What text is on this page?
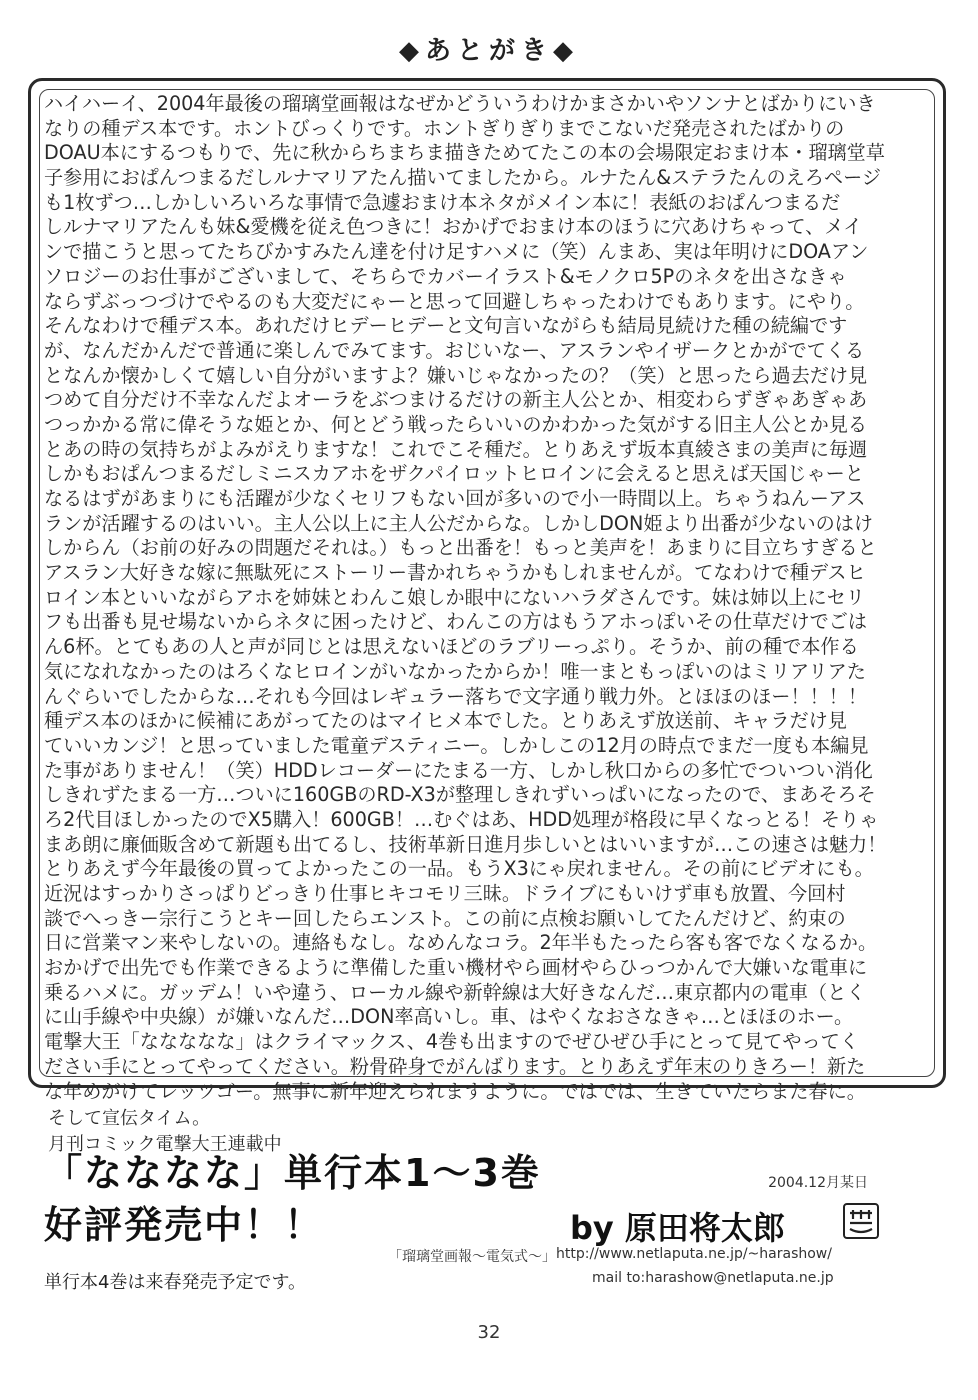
◆あとがき◆
ハイハーイ、2004年最後の瑠璃堂画報はなぜかどういうわけかまさかいやソンナとばかりにいき
なりの種デス本です。ホントびっくりです。ホントぎりぎりまでこないだ発売されたばかりの
DOAU本にするつもりで、先に秋からちまちま描きためてたこの本の会場限定おまけ本・瑠璃堂草
子参用におぱんつまるだしルナマリアたん描いてましたから。ルナたん&ステラたんのえろページ
も1枚ずつ…しかしいろいろな事情で急遽おまけ本ネタがメイン本に！表紙のおぱんつまるだ
しルナマリアたんも妹&愛機を従え色つきに！おかげでおまけ本のほうに穴あけちゃって、メイ
ンで描こうと思ってたちびかすみたん達を付け足すハメに（笑）んまあ、実は年明けにDOAアン
ソロジーのお仕事がございまして、そちらでカバーイラスト&モノクロ5Pのネタを出さなきゃ
ならずぶっつづけでやるのも大変だにゃーと思って回避しちゃったわけでもあります。にやり。
そんなわけで種デス本。あれだけヒデーヒデーと文句言いながらも結局見続けた種の続編です
が、なんだかんだで普通に楽しんでみてます。おじいなー、アスランやイザークとかがでてくる
となんか懐かしくて嬉しい自分がいますよ？嫌いじゃなかったの？（笑）と思ったら過去だけ見
つめて自分だけ不幸なんだよオーラをぶつまけるだけの新主人公とか、相変わらずぎゃあぎゃあ
つっかかる常に偉そうな姫とか、何とどう戦ったらいいのかわかった気がする旧主人公とか見る
とあの時の気持ちがよみがえりますな！これでこそ種だ。とりあえず坂本真綾さまの美声に毎週
しかもおぱんつまるだしミニスカアホをザクパイロットヒロインに会えると思えば天国じゃーと
なるはずがあまりにも活躍が少なくセリフもない回が多いので小一時間以上。ちゃうねんーアス
ランが活躍するのはいい。主人公以上に主人公だからな。しかしDON姫より出番が少ないのはけ
しからん（お前の好みの問題だそれは。）もっと出番を！もっと美声を！あまりに目立ちすぎると
アスラン大好きな嫁に無駄死にストーリー書かれちゃうかもしれませんが。てなわけで種デスヒ
ロイン本といいながらアホを姉妹とわんこ娘しか眼中にないハラダさんです。妹は姉以上にセリ
フも出番も見せ場ないからネタに困ったけど、わんこの方はもうアホっぽいその仕草だけでごは
ん6杯。とてもあの人と声が同じとは思えないほどのラブリーっぷり。そうか、前の種で本作る
気になれなかったのはろくなヒロインがいなかったからか！唯一まともっぽいのはミリアリアた
んぐらいでしたからな…それも今回はレギュラー落ちで文字通り戦力外。とほほのほー！！！！
種デス本のほかに候補にあがってたのはマイヒメ本でした。とりあえず放送前、キャラだけ見
ていいカンジ！と思っていました電童デスティニー。しかしこの12月の時点でまだ一度も本編見
た事がありません！（笑）HDDレコーダーにたまる一方、しかし秋口からの多忙でついつい消化
しきれずたまる一方…ついに160GBのRD-X3が整理しきれずいっぱいになったので、まあそろそ
ろ2代目ほしかったのでX5購入！600GB！…むぐはあ、HDD処理が格段に早くなっとる！そりゃ
まあ朗に廉価販含めて新題も出てるし、技術革新日進月歩しいとはいいますが…この速さは魅力！
とりあえず今年最後の買ってよかったこの一品。もうX3にゃ戻れません。その前にビデオにも。
近況はすっかりさっぱりどっきり仕事ヒキコモリ三昧。ドライブにもいけず車も放置、今回村
談でへっきー宗行こうとキー回したらエンスト。この前に点検お願いしてたんだけど、約束の
日に営業マン来やしないの。連絡もなし。なめんなコラ。2年半もたったら客も客でなくなるか。
おかげで出先でも作業できるように準備した重い機材やら画材やらひっつかんで大嫌いな電車に
乗るハメに。ガッデム！いや違う、ローカル線や新幹線は大好きなんだ…東京都内の電車（とく
に山手線や中央線）が嫌いなんだ…DON率高いし。車、はやくなおさなきゃ…とほほのホー。
電撃大王「ななななな」はクライマックス、4巻も出ますのでぜひぜひ手にとって見てやってく
ださい手にとってやってください。粉骨砕身でがんばります。とりあえず年末のりきろー！新た
な年めがけてレッツゴー。無事に新年迎えられますように。ではでは、生きていたらまた春に。
そして宣伝タイム。
月刊コミック電撃大王連載中
「なななな」単行本1〜3巻
好評発売中！！
2004.12月某日
by 原田将太郎
「瑠璃堂画報〜電気式〜」 http://www.netlaputa.ne.jp/~harashow/
mail to:harashow@netlaputa.ne.jp
単行本4巻は来春発売予定です。
32
